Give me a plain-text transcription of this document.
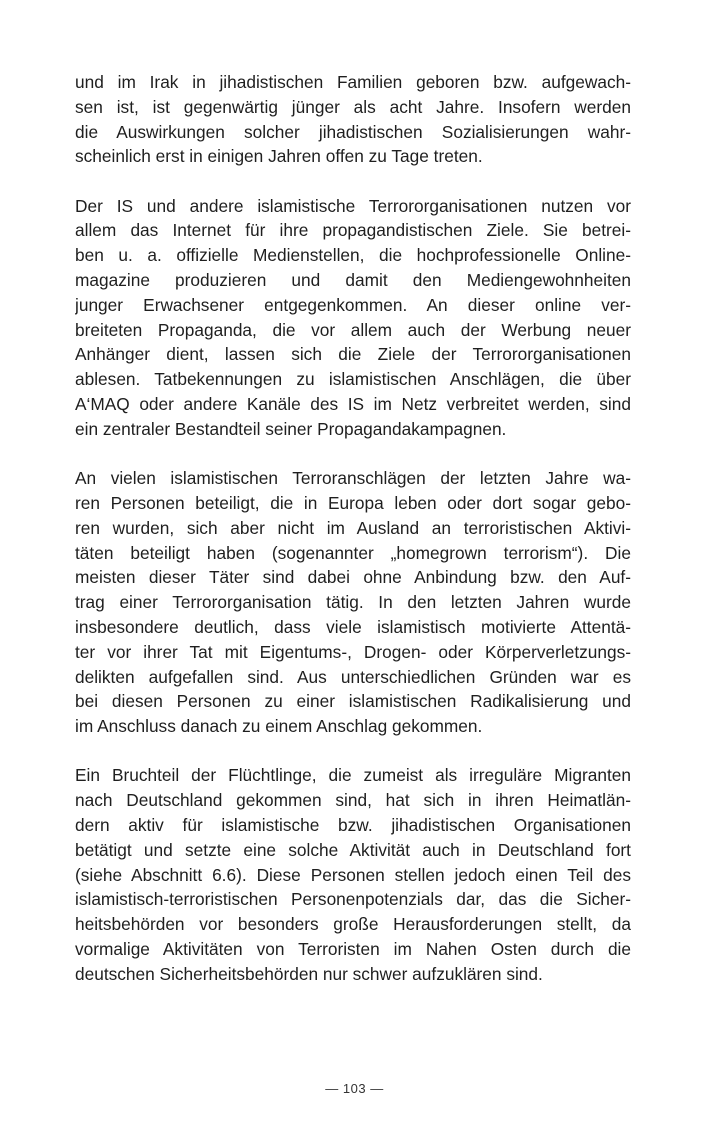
und im Irak in jihadistischen Familien geboren bzw. aufgewach-
sen ist, ist gegenwärtig jünger als acht Jahre. Insofern werden
die Auswirkungen solcher jihadistischen Sozialisierungen wahr-
scheinlich erst in einigen Jahren offen zu Tage treten.

Der IS und andere islamistische Terrororganisationen nutzen vor
allem das Internet für ihre propagandistischen Ziele. Sie betrei-
ben u. a. offizielle Medienstellen, die hochprofessionelle Online-
magazine produzieren und damit den Mediengewohnheiten
junger Erwachsener entgegenkommen. An dieser online ver-
breiteten Propaganda, die vor allem auch der Werbung neuer
Anhänger dient, lassen sich die Ziele der Terrororganisationen
ablesen. Tatbekennungen zu islamistischen Anschlägen, die über
A‘MAQ oder andere Kanäle des IS im Netz verbreitet werden, sind
ein zentraler Bestandteil seiner Propagandakampagnen.

An vielen islamistischen Terroranschlägen der letzten Jahre wa-
ren Personen beteiligt, die in Europa leben oder dort sogar gebo-
ren wurden, sich aber nicht im Ausland an terroristischen Aktivi-
täten beteiligt haben (sogenannter „homegrown terrorism“). Die
meisten dieser Täter sind dabei ohne Anbindung bzw. den Auf-
trag einer Terrororganisation tätig. In den letzten Jahren wurde
insbesondere deutlich, dass viele islamistisch motivierte Attentä-
ter vor ihrer Tat mit Eigentums-, Drogen- oder Körperverletzungs-
delikten aufgefallen sind. Aus unterschiedlichen Gründen war es
bei diesen Personen zu einer islamistischen Radikalisierung und
im Anschluss danach zu einem Anschlag gekommen.

Ein Bruchteil der Flüchtlinge, die zumeist als irreguläre Migranten
nach Deutschland gekommen sind, hat sich in ihren Heimatlän-
dern aktiv für islamistische bzw. jihadistischen Organisationen
betätigt und setzte eine solche Aktivität auch in Deutschland fort
(siehe Abschnitt 6.6). Diese Personen stellen jedoch einen Teil des
islamistisch-terroristischen Personenpotenzials dar, das die Sicher-
heitsbehörden vor besonders große Herausforderungen stellt, da
vormalige Aktivitäten von Terroristen im Nahen Osten durch die
deutschen Sicherheitsbehörden nur schwer aufzuklären sind.

— 103 —
